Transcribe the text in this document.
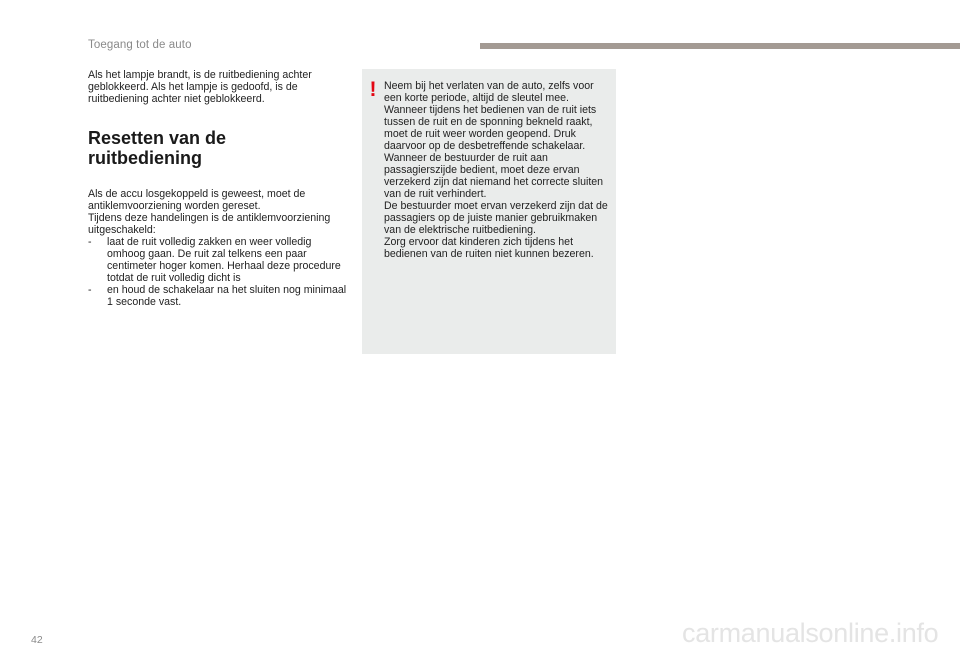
Toegang tot de auto

Als het lampje brandt, is de ruitbediening achter geblokkeerd. Als het lampje is gedoofd, is de ruitbediening achter niet geblokkeerd.

Resetten van de
ruitbediening

Als de accu losgekoppeld is geweest, moet de antiklemvoorziening worden gereset.

Tijdens deze handelingen is de antiklemvoorziening uitgeschakeld:

-	laat de ruit volledig zakken en weer volledig omhoog gaan. De ruit zal telkens een paar centimeter hoger komen. Herhaal deze procedure totdat de ruit volledig dicht is
-	en houd de schakelaar na het sluiten nog minimaal 1 seconde vast.
! Neem bij het verlaten van de auto, zelfs voor een korte periode, altijd de sleutel mee.

Wanneer tijdens het bedienen van de ruit iets tussen de ruit en de sponning bekneld raakt, moet de ruit weer worden geopend. Druk daarvoor op de desbetreffende schakelaar.

Wanneer de bestuurder de ruit aan passagierszijde bedient, moet deze ervan verzekerd zijn dat niemand het correcte sluiten van de ruit verhindert.

De bestuurder moet ervan verzekerd zijn dat de passagiers op de juiste manier gebruikmaken van de elektrische ruitbediening.

Zorg ervoor dat kinderen zich tijdens het bedienen van de ruiten niet kunnen bezeren.

42	carmanualsonline.info
